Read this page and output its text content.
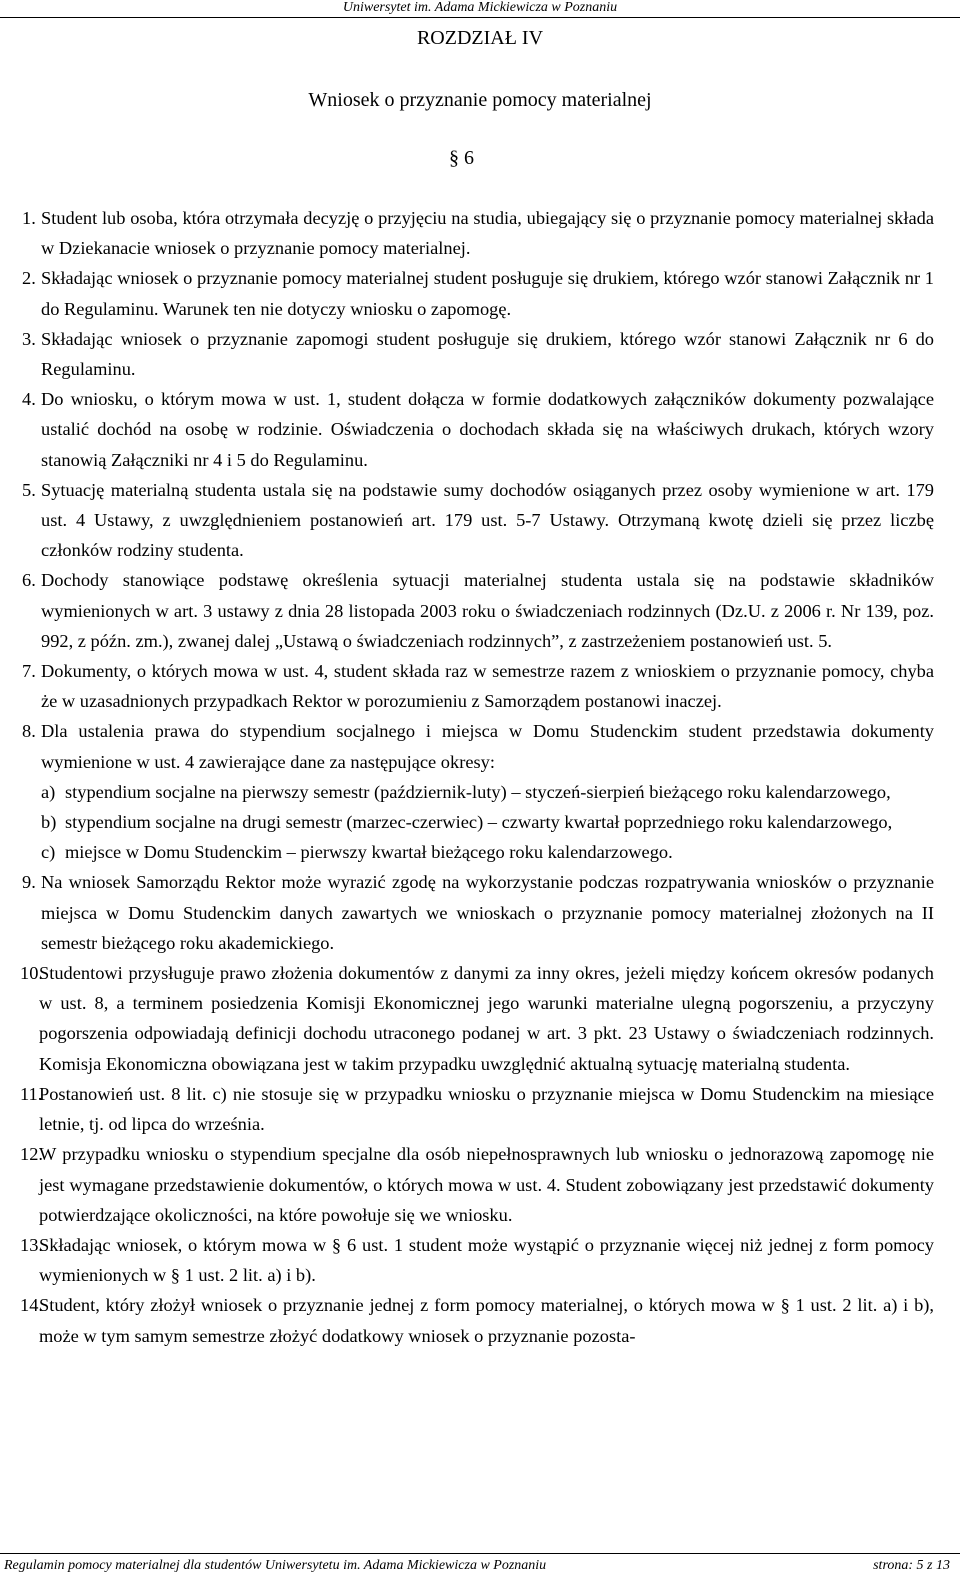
Uniwersytet im. Adama Mickiewicza w Poznaniu
ROZDZIAŁ IV
Wniosek o przyznanie pomocy materialnej
§ 6
1. Student lub osoba, która otrzymała decyzję o przyjęciu na studia, ubiegający się o przyznanie pomocy materialnej składa w Dziekanacie wniosek o przyznanie pomocy materialnej.
2. Składając wniosek o przyznanie pomocy materialnej student posługuje się drukiem, którego wzór stanowi Załącznik nr 1 do Regulaminu. Warunek ten nie dotyczy wniosku o zapomogę.
3. Składając wniosek o przyznanie zapomogi student posługuje się drukiem, którego wzór stanowi Załącznik nr 6 do Regulaminu.
4. Do wniosku, o którym mowa w ust. 1, student dołącza w formie dodatkowych załączników dokumenty pozwalające ustalić dochód na osobę w rodzinie. Oświadczenia o dochodach składa się na właściwych drukach, których wzory stanowią Załączniki nr 4 i 5 do Regulaminu.
5. Sytuację materialną studenta ustala się na podstawie sumy dochodów osiąganych przez osoby wymienione w art. 179 ust. 4 Ustawy, z uwzględnieniem postanowień art. 179 ust. 5-7 Ustawy. Otrzymaną kwotę dzieli się przez liczbę członków rodziny studenta.
6. Dochody stanowiące podstawę określenia sytuacji materialnej studenta ustala się na podstawie składników wymienionych w art. 3 ustawy z dnia 28 listopada 2003 roku o świadczeniach rodzinnych (Dz.U. z 2006 r. Nr 139, poz. 992, z późn. zm.), zwanej dalej „Ustawą o świadczeniach rodzinnych”, z zastrzeżeniem postanowień ust. 5.
7. Dokumenty, o których mowa w ust. 4, student składa raz w semestrze razem z wnioskiem o przyznanie pomocy, chyba że w uzasadnionych przypadkach Rektor w porozumieniu z Samorządem postanowi inaczej.
8. Dla ustalenia prawa do stypendium socjalnego i miejsca w Domu Studenckim student przedstawia dokumenty wymienione w ust. 4 zawierające dane za następujące okresy:
a) stypendium socjalne na pierwszy semestr (październik-luty) – styczeń-sierpień bieżącego roku kalendarzowego,
b) stypendium socjalne na drugi semestr (marzec-czerwiec) – czwarty kwartał poprzedniego roku kalendarzowego,
c) miejsce w Domu Studenckim – pierwszy kwartał bieżącego roku kalendarzowego.
9. Na wniosek Samorządu Rektor może wyrazić zgodę na wykorzystanie podczas rozpatrywania wniosków o przyznanie miejsca w Domu Studenckim danych zawartych we wnioskach o przyznanie pomocy materialnej złożonych na II semestr bieżącego roku akademickiego.
10.
Studentowi przysługuje prawo złożenia dokumentów z danymi za inny okres, jeżeli między końcem okresów podanych w ust. 8, a terminem posiedzenia Komisji Ekonomicznej jego warunki materialne ulegną pogorszeniu, a przyczyny pogorszenia odpowiadają definicji dochodu utraconego podanej w art. 3 pkt. 23 Ustawy o świadczeniach rodzinnych. Komisja Ekonomiczna obowiązana jest w takim przypadku uwzględnić aktualną sytuację materialną studenta.
11.
Postanowień ust. 8 lit. c) nie stosuje się w przypadku wniosku o przyznanie miejsca w Domu Studenckim na miesiące letnie, tj. od lipca do września.
12.
W przypadku wniosku o stypendium specjalne dla osób niepełnosprawnych lub wniosku o jednorazową zapomogę nie jest wymagane przedstawienie dokumentów, o których mowa w ust. 4. Student zobowiązany jest przedstawić dokumenty potwierdzające okoliczności, na które powołuje się we wniosku.
13.
Składając wniosek, o którym mowa w § 6 ust. 1 student może wystąpić o przyznanie więcej niż jednej z form pomocy wymienionych w § 1 ust. 2 lit. a) i b).
14.
Student, który złożył wniosek o przyznanie jednej z form pomocy materialnej, o których mowa w § 1 ust. 2 lit. a) i b), może w tym samym semestrze złożyć dodatkowy wniosek o przyznanie pozosta-
Regulamin pomocy materialnej dla studentów Uniwersytetu im. Adama Mickiewicza w Poznaniu	strona: 5 z 13
